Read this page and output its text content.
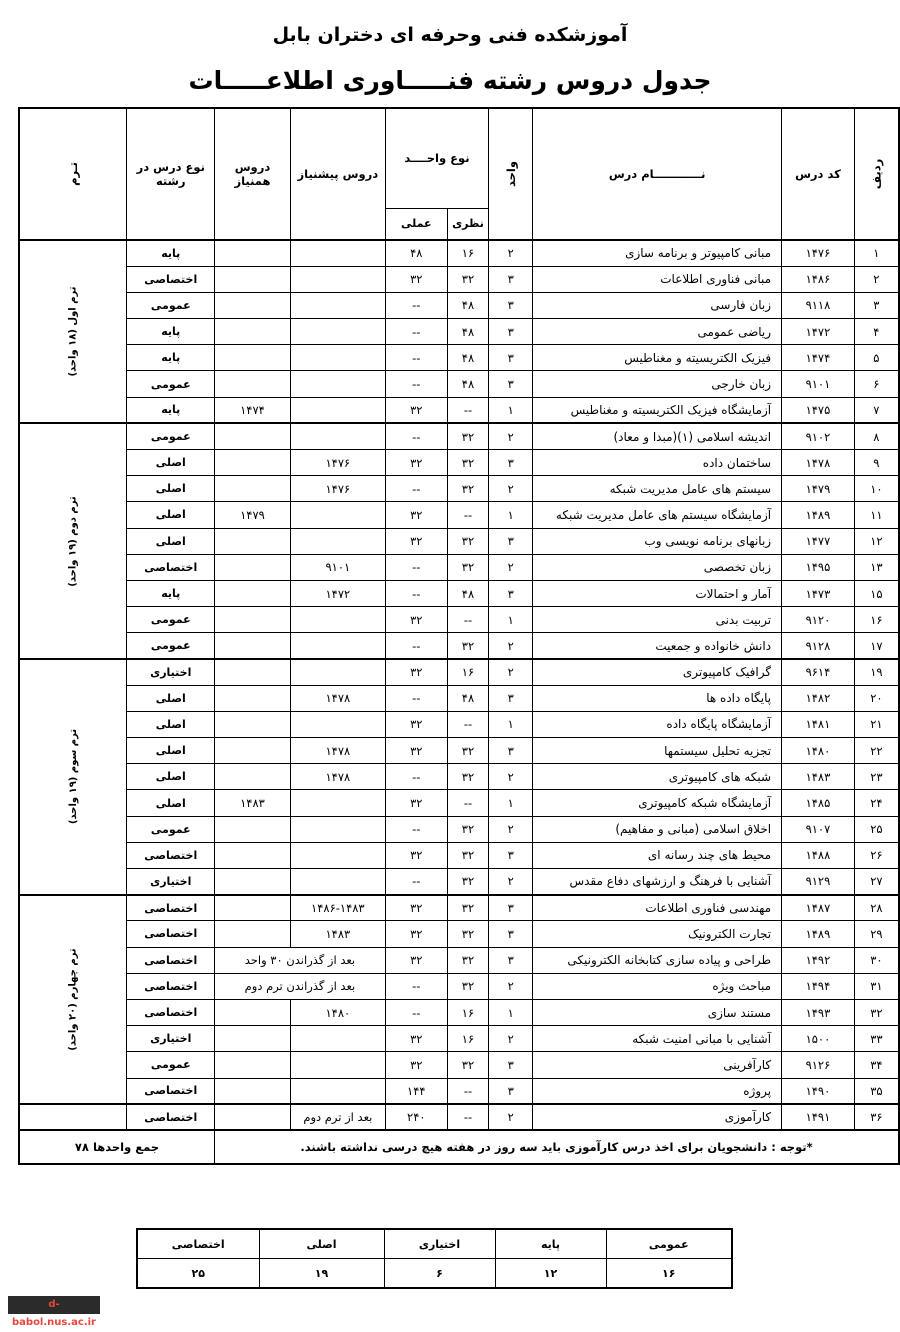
آموزشکده فنی وحرفه ای دختران بابل
جدول دروس رشته فنـــــاوری اطلاعـــــات
ردیف	کد درس	نــــــــــــام درس	واحد	نوع واحــــد		دروس پیشنیاز	دروس همنیاز	نوع درس در رشته	تـرم
				نظری	عملی				
۱	۱۴۷۶	مبانی کامپیوتر و برنامه سازی	۲	۱۶	۴۸			پایه	ترم اول (۱۸ واحد)
۲	۱۴۸۶	مبانی فناوری اطلاعات	۳	۳۲	۳۲			اختصاصی	
۳	۹۱۱۸	زبان فارسی	۳	۴۸	--			عمومی	
۴	۱۴۷۲	ریاضی عمومی	۳	۴۸	--			پایه	
۵	۱۴۷۴	فیزیک الکتریسیته و مغناطیس	۳	۴۸	--			پایه	
۶	۹۱۰۱	زبان خارجی	۳	۴۸	--			عمومی	
۷	۱۴۷۵	آزمایشگاه فیزیک الکتریسیته و مغناطیس	۱	--	۳۲		۱۴۷۴	پایه	
۸	۹۱۰۲	اندیشه اسلامی (۱)(مبدا و معاد)	۲	۳۲	--			عمومی	ترم دوم (۱۹ واحد)
۹	۱۴۷۸	ساختمان داده	۳	۳۲	۳۲	۱۴۷۶		اصلی	
۱۰	۱۴۷۹	سیستم های عامل مدیریت شبکه	۲	۳۲	--	۱۴۷۶		اصلی	
۱۱	۱۴۸۹	آزمایشگاه سیستم های عامل مدیریت شبکه	۱	--	۳۲		۱۴۷۹	اصلی	
۱۲	۱۴۷۷	زبانهای برنامه نویسی وب	۳	۳۲	۳۲			اصلی	
۱۳	۱۴۹۵	زبان تخصصی	۲	۳۲	--	۹۱۰۱		اختصاصی	
۱۵	۱۴۷۳	آمار و احتمالات	۳	۴۸	--	۱۴۷۲		پایه	
۱۶	۹۱۲۰	تربیت بدنی	۱	--	۳۲			عمومی	
۱۷	۹۱۲۸	دانش خانواده و جمعیت	۲	۳۲	--			عمومی	
۱۹	۹۶۱۴	گرافیک کامپیوتری	۲	۱۶	۳۲			اختیاری	ترم سوم (۱۹ واحد)
۲۰	۱۴۸۲	پایگاه داده ها	۳	۴۸	--	۱۴۷۸		اصلی	
۲۱	۱۴۸۱	آزمایشگاه پایگاه داده	۱	--	۳۲			اصلی	
۲۲	۱۴۸۰	تجزیه تحلیل سیستمها	۳	۳۲	۳۲	۱۴۷۸		اصلی	
۲۳	۱۴۸۳	شبکه های کامپیوتری	۲	۳۲	--	۱۴۷۸		اصلی	
۲۴	۱۴۸۵	آزمایشگاه شبکه کامپیوتری	۱	--	۳۲		۱۴۸۳	اصلی	
۲۵	۹۱۰۷	اخلاق اسلامی (مبانی و مفاهیم)	۲	۳۲	--			عمومی	
۲۶	۱۴۸۸	محیط های چند رسانه ای	۳	۳۲	۳۲			اختصاصی	
۲۷	۹۱۲۹	آشنایی با فرهنگ و ارزشهای دفاع مقدس	۲	۳۲	--			اختیاری	
۲۸	۱۴۸۷	مهندسی فناوری اطلاعات	۳	۳۲	۳۲	۱۴۸۶-۱۴۸۳		اختصاصی	ترم چهارم (۲۰ واحد)
۲۹	۱۴۸۹	تجارت الکترونیک	۳	۳۲	۳۲	۱۴۸۳		اختصاصی	
۳۰	۱۴۹۲	طراحی و پیاده سازی کتابخانه الکترونیکی	۳	۳۲	۳۲	بعد از گذراندن ۳۰ واحد		اختصاصی	
۳۱	۱۴۹۴	مباحث ویژه	۲	۳۲	--	بعد از گذراندن ترم دوم		اختصاصی	
۳۲	۱۴۹۳	مستند سازی	۱	۱۶	--	۱۴۸۰		اختصاصی	
۳۳	۱۵۰۰	آشنایی با مبانی امنیت شبکه	۲	۱۶	۳۲			اختیاری	
۳۴	۹۱۲۶	کارآفرینی	۳	۳۲	۳۲			عمومی	
۳۵	۱۴۹۰	پروژه	۳	--	۱۴۴			اختصاصی	
۳۶	۱۴۹۱	کارآموزی	۲	--	۲۴۰	بعد از ترم دوم		اختصاصی	
*توجه : دانشجویان برای اخذ درس کارآموزی باید سه روز در هفته هیچ درسی نداشته باشند.								جمع واحدها ۷۸	
عمومی	پایه	اختیاری	اصلی	اختصاصی
۱۶	۱۲	۶	۱۹	۲۵
d-babol.nus.ac.ir
